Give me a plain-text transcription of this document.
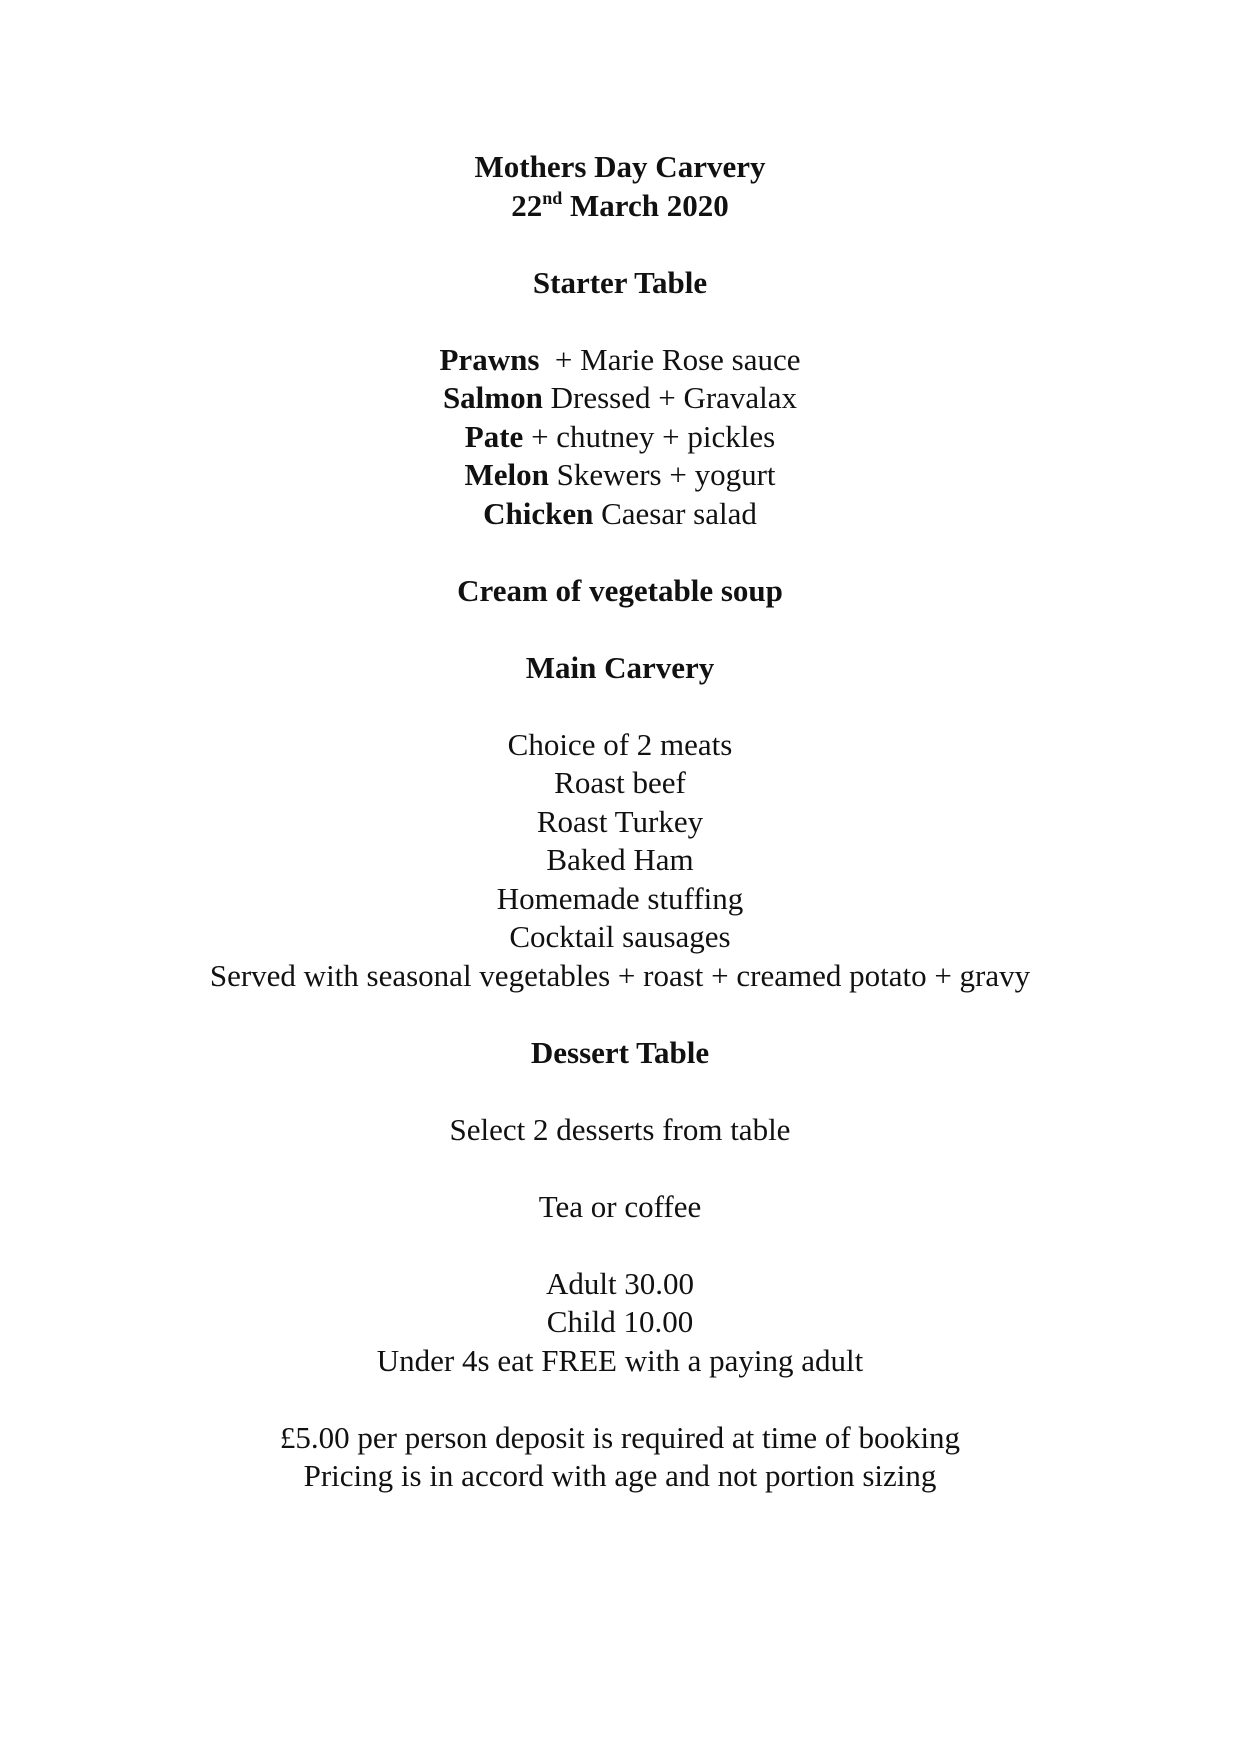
Mothers Day Carvery
22nd March 2020
Starter Table
Prawns  + Marie Rose sauce
Salmon Dressed + Gravalax
Pate + chutney + pickles
Melon Skewers + yogurt
Chicken Caesar salad
Cream of vegetable soup
Main Carvery
Choice of 2 meats
Roast beef
Roast Turkey
Baked Ham
Homemade stuffing
Cocktail sausages
Served with seasonal vegetables + roast + creamed potato + gravy
Dessert Table
Select 2 desserts from table
Tea or coffee
Adult 30.00
Child 10.00
Under 4s eat FREE with a paying adult
£5.00 per person deposit is required at time of booking
Pricing is in accord with age and not portion sizing
